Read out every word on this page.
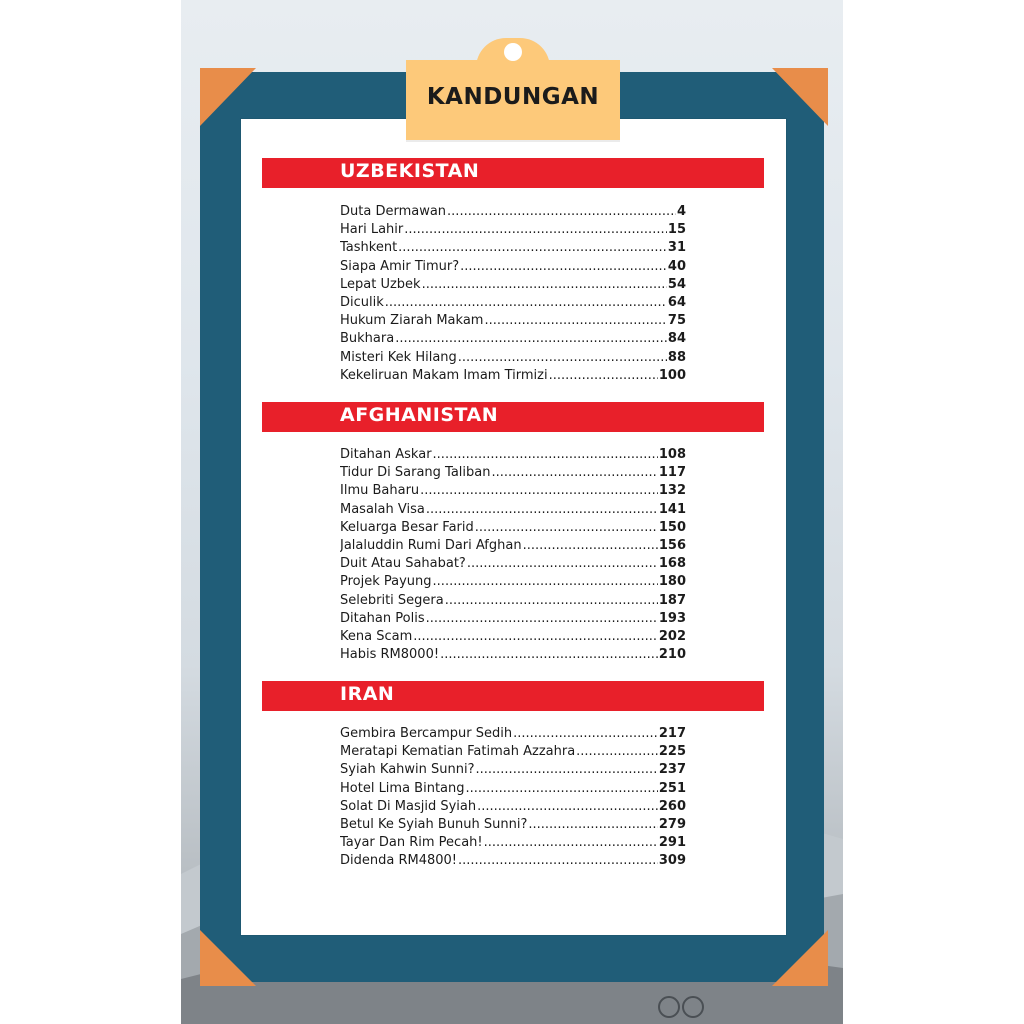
KANDUNGAN
UZBEKISTAN
Duta Dermawan .....	4
Hari Lahir .....	15
Tashkent .....	31
Siapa Amir Timur? .....	40
Lepat Uzbek .....	54
Diculik .....	64
Hukum Ziarah Makam .....	75
Bukhara .....	84
Misteri Kek Hilang .....	88
Kekeliruan Makam Imam Tirmizi .....	100
AFGHANISTAN
Ditahan Askar .....	108
Tidur Di Sarang Taliban .....	117
Ilmu Baharu .....	132
Masalah Visa .....	141
Keluarga Besar Farid .....	150
Jalaluddin Rumi Dari Afghan .....	156
Duit Atau Sahabat? .....	168
Projek Payung .....	180
Selebriti Segera .....	187
Ditahan Polis .....	193
Kena Scam .....	202
Habis RM8000! .....	210
IRAN
Gembira Bercampur Sedih .....	217
Meratapi Kematian Fatimah Azzahra .....	225
Syiah Kahwin Sunni? .....	237
Hotel Lima Bintang .....	251
Solat Di Masjid Syiah .....	260
Betul Ke Syiah Bunuh Sunni? .....	279
Tayar Dan Rim Pecah! .....	291
Didenda RM4800! .....	309
